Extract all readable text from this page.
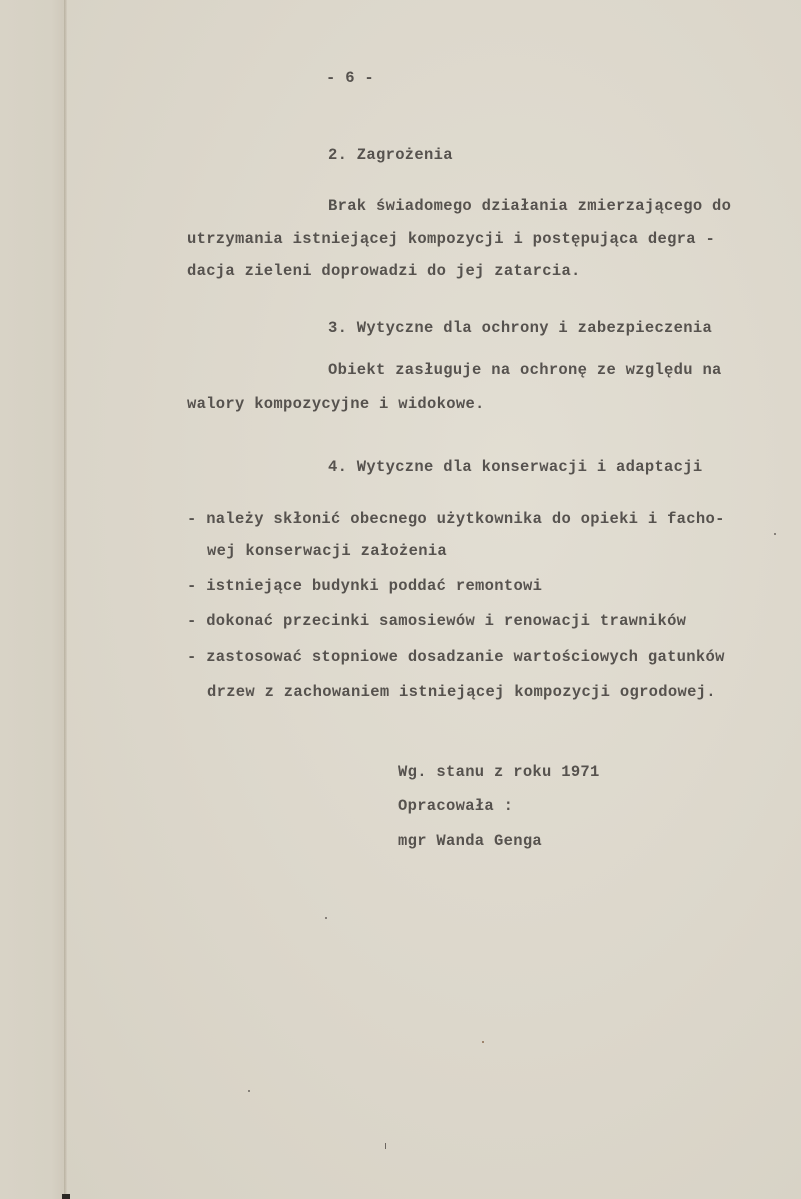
- 6 -
2. Zagrożenia
Brak świadomego działania zmierzającego do
utrzymania istniejącej kompozycji i postępująca degra -
dacja zieleni doprowadzi do jej zatarcia.
3. Wytyczne dla ochrony i zabezpieczenia
Obiekt zasługuje na ochronę ze względu na
walory kompozycyjne i widokowe.
4. Wytyczne dla konserwacji i adaptacji
- należy skłonić obecnego użytkownika do opieki i facho-
wej konserwacji założenia
- istniejące budynki poddać remontowi
- dokonać przecinki samosiewów i renowacji trawników
- zastosować stopniowe dosadzanie wartościowych gatunków
drzew z zachowaniem istniejącej kompozycji ogrodowej.
Wg. stanu z roku 1971
Opracowała :
mgr Wanda Genga
